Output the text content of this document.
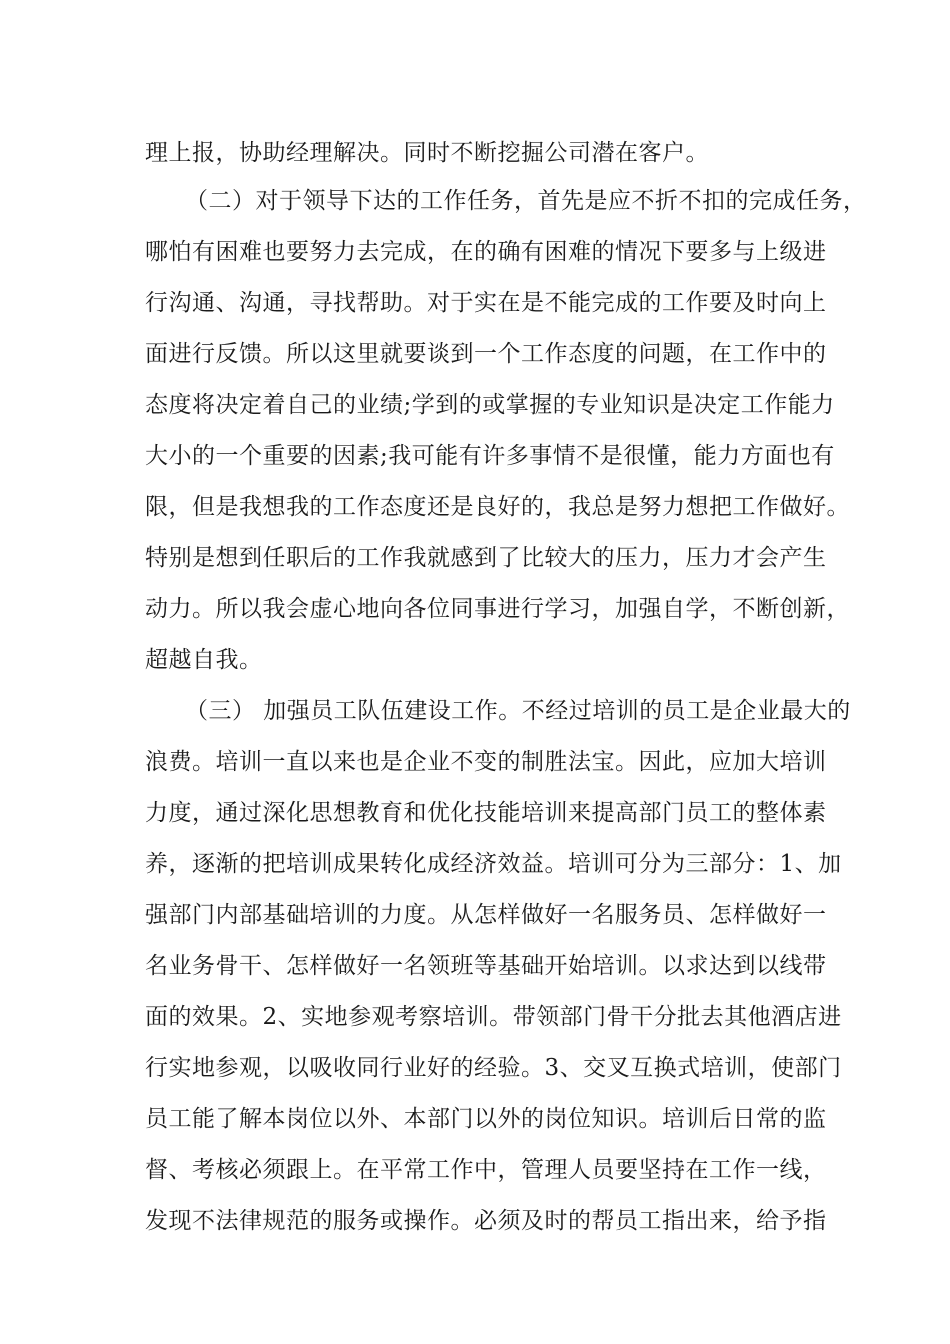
理上报，协助经理解决。同时不断挖掘公司潜在客户。
（二）对于领导下达的工作任务，首先是应不折不扣的完成任务，
哪怕有困难也要努力去完成，在的确有困难的情况下要多与上级进
行沟通、沟通，寻找帮助。对于实在是不能完成的工作要及时向上
面进行反馈。所以这里就要谈到一个工作态度的问题，在工作中的
态度将决定着自己的业绩;学到的或掌握的专业知识是决定工作能力
大小的一个重要的因素;我可能有许多事情不是很懂，能力方面也有
限，但是我想我的工作态度还是良好的，我总是努力想把工作做好。
特别是想到任职后的工作我就感到了比较大的压力，压力才会产生
动力。所以我会虚心地向各位同事进行学习，加强自学，不断创新，
超越自我。
（三） 加强员工队伍建设工作。不经过培训的员工是企业最大的
浪费。培训一直以来也是企业不变的制胜法宝。因此，应加大培训
力度，通过深化思想教育和优化技能培训来提高部门员工的整体素
养，逐渐的把培训成果转化成经济效益。培训可分为三部分：1、加
强部门内部基础培训的力度。从怎样做好一名服务员、怎样做好一
名业务骨干、怎样做好一名领班等基础开始培训。以求达到以线带
面的效果。2、实地参观考察培训。带领部门骨干分批去其他酒店进
行实地参观，以吸收同行业好的经验。3、交叉互换式培训，使部门
员工能了解本岗位以外、本部门以外的岗位知识。培训后日常的监
督、考核必须跟上。在平常工作中，管理人员要坚持在工作一线，
发现不法律规范的服务或操作。必须及时的帮员工指出来，给予指
